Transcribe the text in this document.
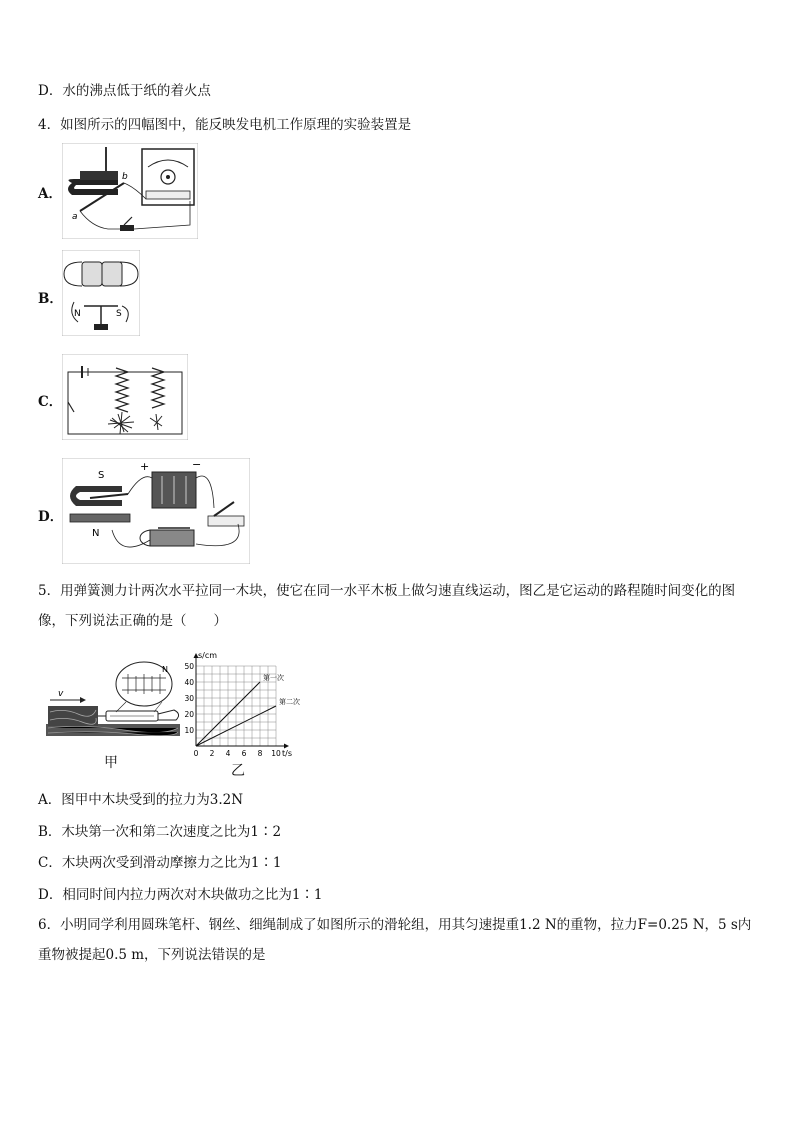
D．水的沸点低于纸的着火点
4．如图所示的四幅图中，能反映发电机工作原理的实验装置是
A．
a
b
B．
N	S
C．
D．
S
N
+	−
5．用弹簧测力计两次水平拉同一木块，使它在同一水平木板上做匀速直线运动，图乙是它运动的路程随时间变化的图像，下列说法正确的是（　　）
v
N
甲
第一次
第二次
0 2 4 6 8 10
10
20
30
40
50
t/s
s/cm
乙
A．图甲中木块受到的拉力为3.2N
B．木块第一次和第二次速度之比为1∶2
C．木块两次受到滑动摩擦力之比为1∶1
D．相同时间内拉力两次对木块做功之比为1∶1
6．小明同学利用圆珠笔杆、钢丝、细绳制成了如图所示的滑轮组，用其匀速提重1.2 N的重物，拉力F=0.25 N，5 s内重物被提起0.5 m，下列说法错误的是
